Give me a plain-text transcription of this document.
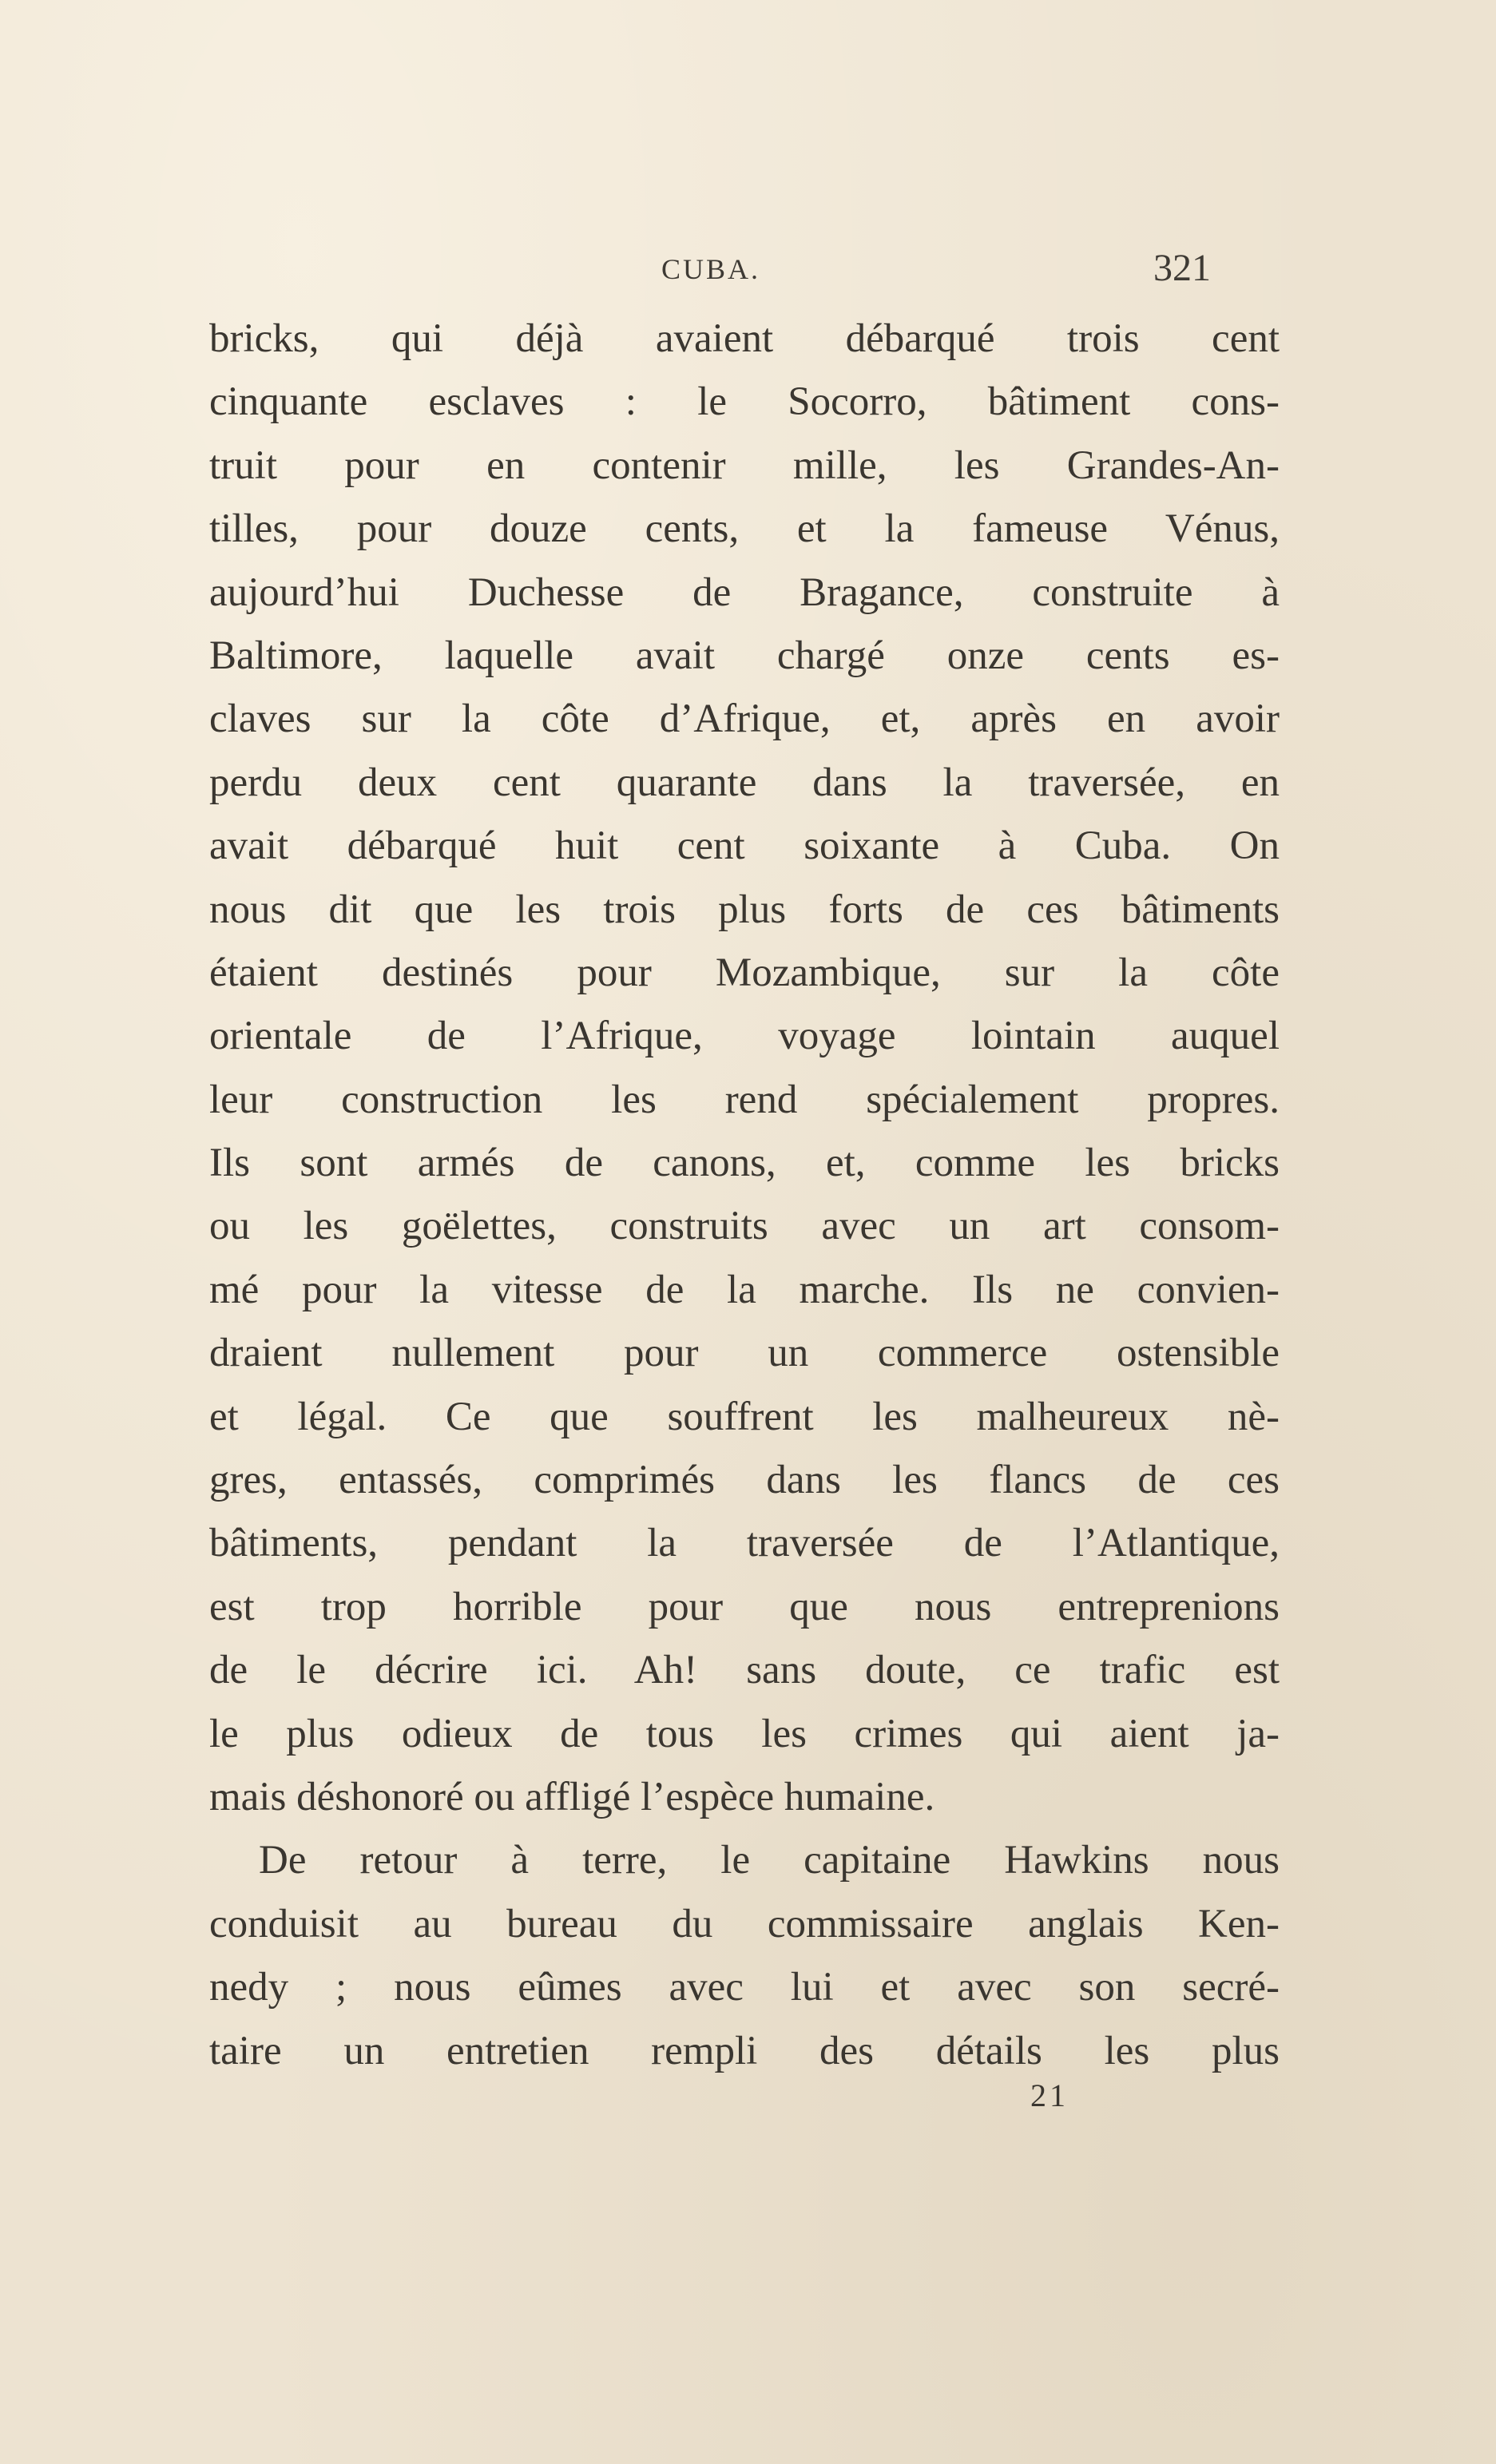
CUBA.	321
bricks, qui déjà avaient débarqué trois cent
cinquante esclaves : le Socorro, bâtiment cons-
truit pour en contenir mille, les Grandes-An-
tilles, pour douze cents, et la fameuse Vénus,
aujourd’hui Duchesse de Bragance, construite à
Baltimore, laquelle avait chargé onze cents es-
claves sur la côte d’Afrique, et, après en avoir
perdu deux cent quarante dans la traversée, en
avait débarqué huit cent soixante à Cuba. On
nous dit que les trois plus forts de ces bâtiments
étaient destinés pour Mozambique, sur la côte
orientale de l’Afrique, voyage lointain auquel
leur construction les rend spécialement propres.
Ils sont armés de canons, et, comme les bricks
ou les goëlettes, construits avec un art consom-
mé pour la vitesse de la marche. Ils ne convien-
draient nullement pour un commerce ostensible
et légal. Ce que souffrent les malheureux nè-
gres, entassés, comprimés dans les flancs de ces
bâtiments, pendant la traversée de l’Atlantique,
est trop horrible pour que nous entreprenions
de le décrire ici. Ah! sans doute, ce trafic est
le plus odieux de tous les crimes qui aient ja-
mais déshonoré ou affligé l’espèce humaine.
De retour à terre, le capitaine Hawkins nous
conduisit au bureau du commissaire anglais Ken-
nedy ; nous eûmes avec lui et avec son secré-
taire un entretien rempli des détails les plus
21
